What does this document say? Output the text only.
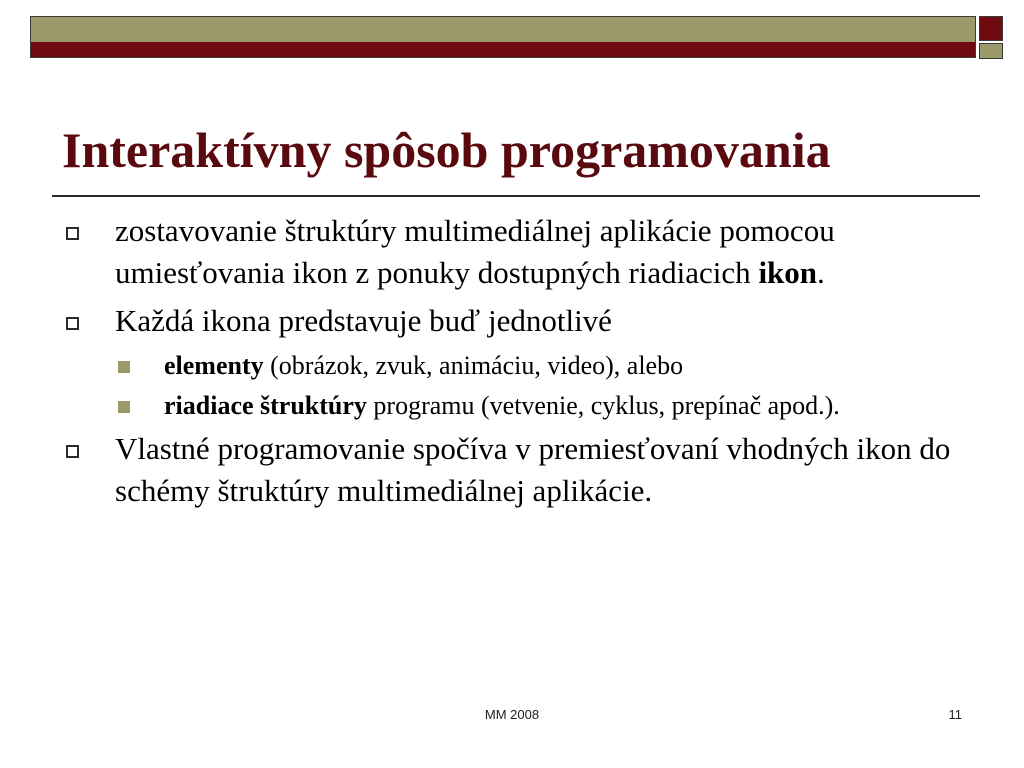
Interaktívny spôsob programovania
zostavovanie štruktúry multimediálnej aplikácie pomocou umiesťovania ikon z ponuky dostupných riadiacich ikon.
Každá ikona predstavuje buď jednotlivé
elementy (obrázok, zvuk, animáciu, video), alebo
riadiace štruktúry programu (vetvenie, cyklus, prepínač apod.).
Vlastné programovanie spočíva v premiesťovaní vhodných ikon do schémy štruktúry multimediálnej aplikácie.
MM 2008	11
